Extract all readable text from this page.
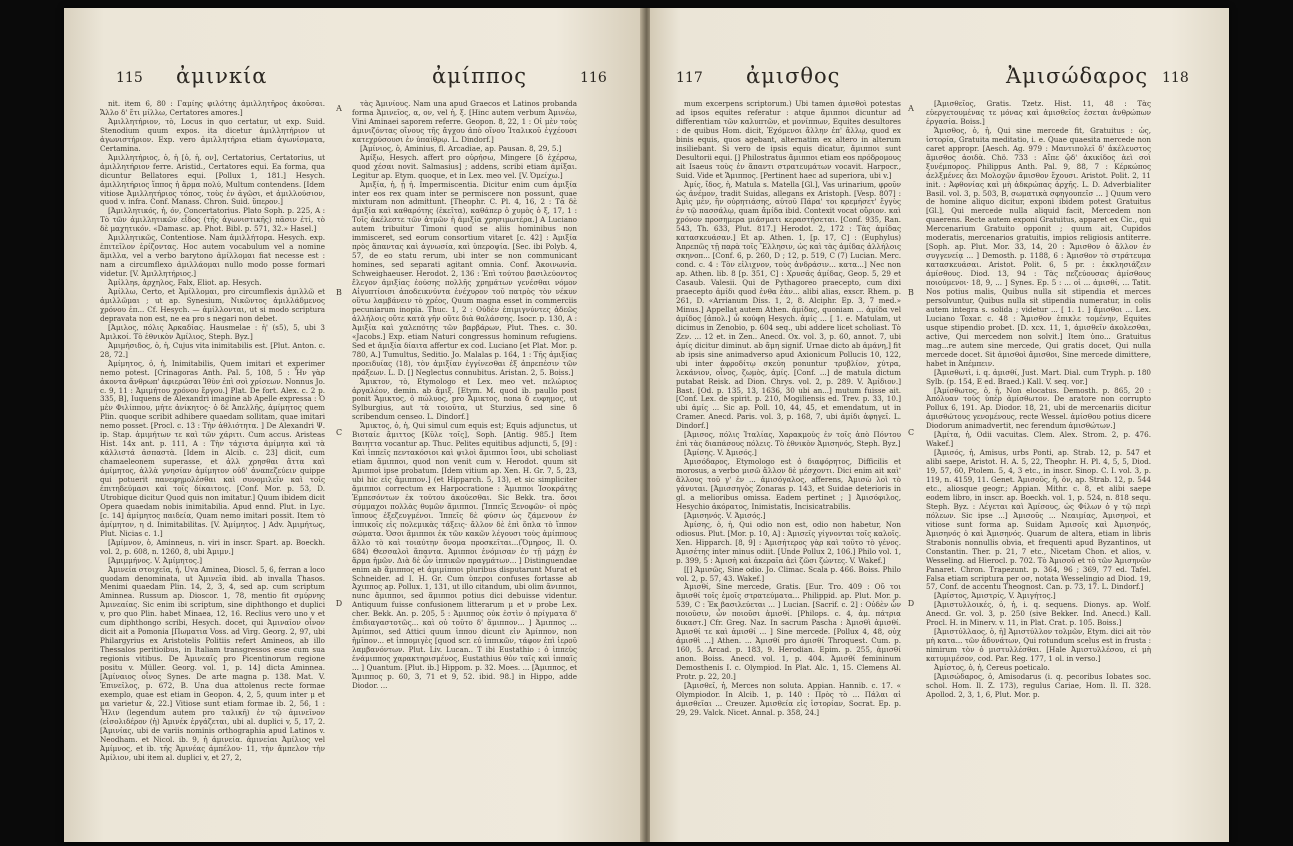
115 ἀμινκία	ἀμίππος	116

nit. item 6, 80 : Γαμίης φιλότης ἁμιλλητῆρος ἀκοῦσαι. Ἄλλο δ' ἔτι μίλλω, Certatores amores.]

Ἁμιλλητήριον, τὸ, Locus in quo certatur, ut exp. Suid. Stenodium quum expos. ita dicetur ἁμιλλητήριον ut ἀγωνιστήριον. Exp. vero ἁμιλλητήρια etiam ἀγωνίσματα, Certamina.

Ἁμιλλητήριος, ὁ, ἡ [ὁ, ἡ, ον], Certatorius, Certatorius, ut ἁμιλλητήριον ferre. Aristid., Certatores equi. Ea forma, qua dicuntur Bellatores equi. [Pollux 1, 181.] Hesych. ἁμιλλητήριος ἵππος ἡ ἅρμα πολύ, Multum contendens. [Idem vitiose Ἀμιλλητήριος τόπος, τοὺς ἐν ἀγῶσι, et ἁμιλλούσιον, quod v. infra. Conf. Manass. Chron. Suid. ὕπερον.]

[Ἀμιλλητικός, ἡ, όν, Concertatorius. Plato Soph. p. 225, A : Τὸ τῶν ἁμιλλητικῶν εἶδος (τῆς ἀγωνιστικῆς) πᾶσιν ἐτί, τὸ δὲ μαχητικόν. «Damasc. ap. Phot. Bibl. p. 571, 32.» Hasel.]

Ἀμιλλητικῶς, Contentiose. Nam ἁμιλλήτορα. Hesych. exp. ἐπιτεῖλον ἐρίζοντας. Hoc autem vocabulum vel a nomine ἅμιλλα, vel a verbo barytono ἁμίλλομαι fiat necesse est : nam a circumflexo ἁμιλλάομαι nullo modo posse formari videtur. [V. Ἀμιλλητήριος.]

Ἁμίλληs, ἀρχηλος, Falx, Eliot. ap. Hesych.

Ἁμίλλω, Certo, et Ἁμίλλομαι, pro circumflexis ἁμιλλῶ et ἁμιλλῶμαι ; ut ap. Synesium, Νικῶντος ἀμιλλάδμενος χρόνου ἐπ... Cf. Hesych. — ἁμίλλονται, ut si modo scriptura depravata non est, ne ea pro s negari non debet.

[Ἀμιλος, πόλις Ἀρκαδίας. Hausmelae : ἡ' (s5), 5, ubi 3 Ἀμιλκοί. Τὸ ἐθνικὸν Ἀμίλιος, Steph. Byz.]

Ἀμιμήσιδος, ὁ, ἡ, Cujus vita inimitabilis est. [Plut. Anton. c. 28, 72.]

Ἀμίμητος, ὁ, ἡ, Inimitabilis, Quem imitari et experimer nemo potest. [Crinagoras Anth. Pal. 5, 108, 5 : Ἦν γὰρ ἀκοντα ἄνθρωπ' ἀφιερώσαι Ἰθὺν ἐπὶ σοὶ χρίσεων. Nonnus Jo. c. 9, 11 : Ἀμιμήτου χρόνου ἔργου.] Plat. De fort. Alex. c. 2 p. 335, B], Iuquens de Alexandri imagine ab Apelle expressa : Ὁ μὲν Φιλίππου, μήτε ἀνίκητος· ὁ δὲ Ἀπελλῆς, ἀμίμητος quem Plin. quoque scribit adhibere quaedam sollitam, quae imitari nemo posset. [Procl. c. 13 : Τὴν ἀθλιότητα. ] De Alexandri Ψ. ip. Stap. ἀμιμήτων τε καὶ τῶν χάριτι. Cum accus. Aristeas Hist. 14x ant. p. 111, A : Τὴν τάχιστα ἀμίμητα καὶ τὰ κάλλιστά ἀσπαστὰ. [Idem in Alcib. c. 23] dicit, cum chamaeleonem superasse, et ἀλλ χρησθαι ἄττα καὶ ἀμίμητος, ἀλλὰ γνησίαν ἀμίμητον οὐδ' ἀναπεζεύειν quippe qui potuerit πανεφημολέσθαι καὶ συνομιλεῖν καὶ τοῖς ἐπιτηδεύμασι καὶ τοῖς δίκαιτοις. [Conf. Mor. p. 53, D. Utrobique dicitur Quod quis non imitatur.] Quum ibidem dicit Opera quaedam nobis inimitabilia. Apud ennd. Plut. in Lyc. [c. 14] ἀμίμητος παιδεία, Quam nemo imitari possit. Item τὸ ἀμίμητον, η d. Inimitabilitas. [V. Ἀμίμητος. ] Adv. Ἀμιμήτως, Plut. Nicias c. 1.]

[Ἀμίμνον, ὁ, Aminneus, n. viri in inscr. Spart. ap. Boeckh. vol. 2, p. 608, n. 1260, 8, ubi Ἀμιμν.]

[Ἀμιμμήνος. V. Ἀμίμητος.]

Ἀμινεία στοιχεῖα, ἡ, Uva Aminea, Dioscl. 5, 6, ferran a loco quodam denominata, ut Ἀμινεῖα ibid. ab invalla Thasos. Menimi quaedam Plin. 14, 2, 3, 4, sed ap. cum scriptum Aminnea. Russum ap. Dioscor. 1, 78, mentio fit σμύρνης Ἀμινεαίας. Sic enim ibi scriptum, sine diphthongo et duplici v, pro quo Plin. habet Minaea, 12, 16. Reclius vero uno v et cum diphthongo scribi, Hesych. docet, qui Ἀμιναῖον οἶνον dicit ait a Pomonia [Πωματια Voss. ad Virg. Georg. 2, 97, ubi Philargyrius ex Aristotelis Politiis refert Amineos, ab illo Thessalos peritioibus, in Italiam transgressos esse cum sua regionis vitibus. De Ἀμινεαῖς pro Picentinorum regione positu v. Müller. Georg. vol. 1, p. 14] dicta Aminnea. [Ἀμίναιος οἶνος Synes. De arte magna p. 138. Mat. V. Ἐπινεῖλος, p. 672, B. Una dua attolenus recte formae exemplo, quae est etiam in Geopon. 4, 2, 5, quum inter μ et μα varietur &, 22.] Vitiose sunt etiam formae ib. 2, 56, 1 : Ἦλιν (legendum autem pro ταλικῆ) ἐν τῷ ἀμινεῖνον (εἰσολιδέρον (ἡ) Ἀμινέκ ἐργάζεται, ubi al. duplici v, 5, 17, 2. [Ἀμινίας, ubi de variis nominis orthographia apud Latinos v. Neodham. et Nicol. ib. 9, ἡ ἀμινεία. ἀμινείαι Ἀμίλιος vel Ἀμίμνος, et ib. τῆς Ἀμινέας ἀμπέλου· 11, τὴν ἄμπελον τὴν Ἀμίλιον, ubi item al. duplici v, et 27, 2,

A
B
C
D

τὰς Ἀμινίους. Nam una apud Graecos et Latinos probanda forma Ἀμινεῖος, α, ον, vel ἡ, ξ. [Hinc autem verbum Ἀμινέω, Vini Aminaei saporem referre. Geopon. 8, 22, 1 : Οἱ μὲν τοὺς ἀμινιζόντας οἴνους τῆς ἄγχου ἀπὸ οἴνου Ἰταλικοῦ ἐγχέουσι κατεχρύσουσι ἐν ὑπαίθρῳ. L. Dindorf.]

[Ἀμίνιος, ὁ, Aminius, fl. Arcadiae, ap. Pausan. 8, 29, 5.]

Ἀμίξω, Hesych. affert pro οὐρήσω, Mingere [δ ἐχέρσω, quod χέσαι novit. Salmasius] ; addens, scribi etiam ἀμίξαι. Legitur ap. Etym. quoque, et in Lex. meo vel. [V. Ὀμείχω.]

Ἀμιξία, ἡ, ᾗ ἡ. Impermiscentia. Dicitur enim cum ἀμιξία inter eos rex quam inter se permiscere non possunt, quae mixturam non admittunt. [Theophr. C. Pl. 4, 16, 2 : Τὰ δὲ ἀμιξία καὶ καθαρότης (ἐκεῖτα), καθάπερ ὁ χυμὸς ὁ ξ, 17, 1 : Τοῖς ἀκέλεστε τῶν ἀτμῶν ἡ ἀμιξία χρησιμωτέρα.] A Luciano autem tribuitur Timoni quod se aliis hominibus non immisceret, sed eorum consortium vitaret [c. 42] : Ἀμιξία πρὸς ἅπαντας καὶ ἀγνωσία, καὶ ὑπεροψία. [Sec. ibi Polyb. 4, 57, de eo statu rerum, ubi inter se non communicant homines, sed separati agitant omnia. Conf. Ἀκοινωνία. Schweighaeuser. Herodot. 2, 136 : Ἐπὶ τούτου βασιλεύοντος ἔλεγον ἀμιξίας ἐούσης πολλῆς χρημάτων γενέσθαι νόμον Αἰγυπτίοισι ἀποδεικνύντα ἐνέχυρον τοῦ πατρὸς τὸν νέκυν οὕτω λαμβάνειν τὸ χρέος, Quum magna esset in commerciis pecuniarum inopia. Thuc. 1, 2 : Οὐδὲν ἐπιμιγνύντες ἀδεῶς ἀλλήλοις οὔτε κατὰ γῆν οὔτε διὰ θαλάσσης. Isocr. p. 130, A : Ἀμιξία καὶ χαλεπότης τῶν βαρβάρων, Plut. Thes. c. 30. «Jacobs.] Exp. etiam Naturi congressus hominum refugiens. Sed et ἀμιξία δίαιτα affertur ex cod. Luciano [et Plat. Mor. p. 780, A.] Tumultus, Seditio. Jo. Malalas p. 164, 1 : Τῆς ἀμιξίας προειδυίας (18), τὸν ἀμιξίαν ἐγγίνεσθαι ἐξ ἀπρεπέσιν τῶν πράξεων. L. D. [] Neglectus connubitus. Aristan. 2, 5. Boiss.]

Ἄμικτον, τὸ, Etymologo et Lex. meo vet. πελώριος ἀργαλέον, demin. ab ἄμιξ. [Etym. M. quod ib. paullo post ponit Ἄμικτος, ὁ πώλυος, pro Ἄμικτος, nona δ ευφημος, ut Sylburgius, aut τὰ τοιοῦτα, ut Sturzius, sed sine δ scribendum censeo. L. Dindorf.]

Ἄμικτος, ὁ, ἡ, Qui simul cum equis est; Equis adjunctus, ut Βιοταίε ἄμιττος [Κῦλε τοῖς], Soph. [Antig. 985.] Item Βαιηττα vocantur ap. Thuc. Pelites equitibus adjuncti, 5, [9] : Καὶ ἱππεῖς πεντακόσιοι καὶ ψιλοὶ ἄμιπποι ἴσοι, ubi scholiast etiam ἄμιπποι, quod non venit cum v. Herodot. quum sit Ἀμιπποὶ ipse probatum. [Idem vitium ap. Xen. H. Gr. 7, 5, 23, ubi hic εἰς ἄμιππον.] (et Hipparch. 5, 13), et sic simpliciter ἄμιπποι correctum ex Harpocratione : Ἀμιπποι Ἰσοκράτης Ἐμπεσόντων ἐκ τούτου ἀκούεσθαι. Sic Bekk. tra. ὅσοι σύμμαχοι πολλὰς θυμῶν ἄμιπποι. [Ἱππεῖς Ξενοφῶν· οἱ πρὸς ἵππους ἐξεζευγμένοι. Ἱππεῖς δὲ φύσιν ὡς ζάμενουν ἐν ἱππικοῖς εἰς πολεμικὰς τάξεις· ἄλλον δὲ ἐπὶ ὅπλα τὸ ἵππον σώματα. Ὁσοι ἅμιπποι ἐκ τῶν κακῶν λέγουσι τοὺς ἀμίππους ἄλλο τὸ καὶ τοιαύτην ὄνομα προσκεῖται...(Ὅμηρος, Il. O. 684) Θεσσαλοὶ ἅπαντα. Ἁμιπποι ἐνόμισαν ἐν τῇ μάχῃ ἐν ἄρμα ἡμῶν. Διὰ δὲ ὧν ἱππικῶν πραγμάτων... ] Distinguendae enim ab ἅμιππος et ἀμιμίπποι pluribus disputarunt Murat et Schneider. ad I. H. Gr. Cum ὑπεροι confuses fortasse ab Ἀχιππος ap. Pollux. 1, 131, ut illo citandum, ubi olim ἄνιπποι, nunc ἄμιπποι, sed ἅμιπποι potius dici debuisse videntur. Antiquum fuisse confusionem litterarum μ et ν probe Lex. cher. Bekk. An. p. 205, 5 : Ἀμιππος οὐκ ἐστὶν ὁ πρίγματα δ' ἐπιδιαγαστοτῶς... καὶ οὐ τοῦτο δ' ἅμιππον... ] Ἀμιππος ... Ἁμίπποι, sed Attici quum ἱππου dicunt εἰν Ἀμίππον, non ἡμῖπον... et ἱππομιγὲς [quod scr. εὐ ἱππικῶν, τάφον ἐπὶ ἱεροῦ λαμβανόντων. Plut. Liv. Lucan.. T ibi Eustathio : ὁ ἱππεὺς ἐνάμιππος χαρακτηρισμένος, Eustathius θὑν ταῖς καὶ ἱππαῖς ... ] Quantum. [Plut. ib.] Hippom. p. 32. Moes. ... [Ἀμιππος, et Ἄμιππος p. 60, 3, 71 et 9, 52. ibid. 98.] in Hippo, adde Diodor. ...

117 ἀμισθος	Ἀμισώδαρος 118

mum excerpens scriptorum.) Ubi tamen ἀμισθοὶ potestas ad ipsos equites referatur : atque ἅμιπποι dicuntur ad differentiam τῶν καλυπτῶν, et μονίππων, Equites desultores : de quibus Hom. dicit, Ἐχόμενοι ἄλλην ἐπ' ἄλλῳ, quod ex binis equis, quos agebant, alternatim ex altero in alterum insiliebant. Si vero de ipsis equis dicatur, ἄμιπποι sunt Desultorii equi. [] Philostratus ἅμιπποι etiam eos πρόδρομους ait Isaeus τοὺς ἐν ἅπαντι στρατευμάτων vocavit. Harpocr., Suid. Vide et Ἅμιππος. [Pertinent haec ad superiora, ubi v.]

Ἀμίς, ἴδος, ἡ, Matula s. Matella [Gl.], Vas urinarium, φροῦν ὡς ἀνέμον, tradit Suidas, allegans ex Aristoph. [Vesp. 807] : Ἀμὶς μὲν, ἣν οὐρητιάσης, αὐτοῦ Πάρα' τοι κρεμήσετ' ἔγγὺς ἐν τῷ πασσάλῳ, quam ἄμίδα ibid. Contexit vocat οὔριον. καὶ χρόνον προσημερα μιάσματι κεραστήσεται. [Conf. 935, Ran. 543, Th. 633, Plut. 817.] Herodot. 2, 172 : Τὰς ἀμίδας κατασκευάσαν.] Et ap. Athen. 1, [p. 17, C] : (Euphylus) Ἀπρεπῶς τῇ παρὰ τοῖς Ἕλλησιν, ὡς καὶ τὰς ἀμίδας ἀλλήλοις σκηνοπ... [Conf. 6, p. 260, D ; 12, p. 519, C (7) Lucian. Merc. cond. c. 4 : Τὸν εἰλιχνον, τοὺς ἀνδράσιν... κατα...] Nec non ap. Athen. lib. 8 [p. 351, C] : Χρυσᾶς ἀμίδας, Geop. 5, 29 et Casaub. Valesii. Qui de Pythagoreo praecepto, cum dixi praecepto ἀμίδι quod ἐνθα ἐὰν... alibi alias, exscr. Rhem. p. 261, D. «Arrianum Diss. 1, 2, 8. Alciphr. Ep. 3, 7 med.» Minus.] Appellat autem Athen. ἀμίδας, quoniam ... ἀμίδα vel ἀμίδος [ἀπολ.] ὦ κούφη Hesych. ἀμίς ... [ 1. e. Matulam, ut dicimus in Zenobio, p. 604 seq., ubi addere licet scholiast. Τὸ Ζεν. ... 12 et. in Zen.. Anecd. Ox. vol. 3, p. 60, annot. 7, ubi ἀμίς dicitur diminut. ab ἄμη signif. Urnae dicto ab ἀμάνη,] fit ab ipsis sine animadverso apud Axionicum Pollucis 10, 122, ubi inter ἀφροδίτῳ σκεύη ponuntur τρυβλίον, χύτρα, λεκάνιον, οἶνος, ζωμὸς, ἀμίς. [Conf. ...] de matula dictum putabat Reisk. ad Dion. Chrys. vol. 2, p. 289. V. Ἀμίδιον.] Bast. [Od. p. 135, 13, 1636, 30 ubi an...] mutum fuisse ait. [Conf. Lex. de spirit. p. 210, Mogiliensis ed. Trev. p. 33, 10.] ubi ἀμίς ... Sic ap. Poll. 10, 44, 45, et emendatum, ut in Cramer. Anecd. Paris. vol. 3, p. 168, 7, ubi ἀμίδι ἀφηγεῖ. L. Dindorf.]

[Ἀμισος, πόλις Ἰταλίας, Χαρακμοὺς ἐν τοῖς ἀπὸ Πόντου ἐπὶ τὰς διαπάσους πόλεις. Τὸ ἐθνικὸν Ἀμισηνός, Steph. Byz.]

[Ἀμίσης. V. Ἀμισός.]

Ἀμισόδαρος, Etymologo est ὁ διαφόρητος, Difficilis et morosus, a verbo μισῶ ἄλλον δὲ μέσχοντι. Dici enim ait καὶ' ἄλλους τοῦ γ' ἐν ... ἀμισόγαλος, afferens, Ἀμισὼ λοὶ τὸ γάνυται. [Ἀμισσηγὸς Zonaras p. 143, et Suidae deterioris in gl. a melioribus omissa. Eadem pertinet ; ] Ἀμισόφιλος, Hesychio ἀκόρατος, Inimistatis, Incisicatrabilis.

[Ἀμισηνός. V. Ἀμισός.]

Ἀμίσης, ὁ, ἡ, Qui odio non est, odio non habetur, Non odiosus. Plut. [Mor. p. 10, A] : Ἀμισεῖς γίγνονται τοῖς καλοῖς. Xen. Hipparch. [8, 9] : Ἀμισήτερος γὰρ καὶ τοῦτο τὸ γένος. Ἀμισέτης inter minus odiit. [Unde Pollux 2, 106.] Philo vol. 1, p. 399, 5 : Ἀμισὴ καὶ ἀκεραῖα ἀεὶ ζῶσι ζώντες. V. Wakef.]

[[] Ἀμισῶς, Sine odio. Jo. Climac. Scala p. 466. Boiss. Philo vol. 2, p. 57, 43. Wakef.]

Ἀμισθί, Sine mercede, Gratis. [Eur. Tro. 409 : Οὔ τοι ἄμισθί τοῖς ἐμοῖς στρατεύματα... Philippid. ap. Plut. Mor. p. 539, C : Ἐκ βασιλεύεται ... ] Lucian. [Sacrif. c. 2] : Οὐδὲν ὧν ποιοῦσιν, ὧν ποιοῦσι ἀμισθί. [Philops. c. 4, ἀμ. πάτρια δικαστ.] Cfr. Greg. Naz. In sacrum Pascha : Ἀμισθὶ ἀμισθί. Ἀμισθί τε καὶ ἀμισθί ... ] Sine mercede. [Pollux 4, 48, οὐχ ἀμισθὶ ...] Athen. ... Ἀμισθί pro ἀμισθί Throquest. Cum. p. 160, 5. Arcad. p. 183, 9. Herodian. Epim. p. 255, ἀμισθί anon. Boiss. Anecd. vol. 1, p. 404. Ἀμισθί femininum Demosthenis I. c. Olympiod. In Plat. Alc. 1, 15. Clemens Al. Protr. p. 22, 20.]

[Ἀμισθεῖ, ἡ, Merces non soluta. Appian. Hannib. c. 17. « Olympiodor. In Alcib. 1, p. 140 : Πρὸς τὸ ... Πάλαι αἱ ἀμισθεῖαι ... Creuzer. Ἀμισθεία εἰς ἱστορίαν, Socrat. Ep. p. 29, 29. Valck. Nicet. Annal. p. 358, 24.]

A
B
C
D

[Ἀμισθεῖος, Gratis. Tzetz. Hist. 11, 48 : Τὰς εὐεργετουμένας τε μόνας καὶ ἀμισθεῖος ἐσεται ἀνθρώπων ἐργασία. Boiss.]

Ἄμισθος, ὁ, ἡ, Qui sine mercede fit, Gratuitus : ὡς, ἱστορία, Gratuita meditatio, i. e. Quae quaesita mercede non caret appropr. [Aesch. Ag. 979 : Μαντιπολεῖ δ' ἀκέλευστος ἄμισθος ἀοιδὰ. Chö. 733 : Αἴπε ᾤδ' ἀκικίδος ἀεὶ σοὶ ξυνέμπορος. Philippus Anth. Pal. 9, 88, 7 : Κέρκώπος ἀελξμένες ἄει Μολοχῷν ἄμισθον ἔχουσι. Aristot. Polit. 2, 11 init. : Ἀφθονίας καὶ μὴ ἀδκρώπας ἀρχῆς. L. D. Adverbialiter Basil. vol. 3, p. 503, B, σωματικὰ σφηγουπεῖσ ... ] Quum vero de homine aliquo dicitur, exponi ibidem potest Gratuitus [Gl.], Qui mercede nulla aliquid facit, Mercedem non quaerens. Recte autem exponi Gratuitus, apparet ex Cic., qui Mercenarium Gratuito opponit ; quum ait, Cupidos moderatis, mercenarios gratuitis, impios religiosis antiterre. [Soph. ap. Plut. Mor. 33, 14, 20 : Ἄμισθον ὁ ἄλλον ἐν συγγενείᾳ ... ] Demosth. p. 1188, 6 : Ἀμισθον τὸ στράτευμα κατασκευάσαι. Aristot. Polit. 6, 5 pr. : ἐκκλησιάζειν ἀμίσθους. Diod. 13, 94 : Τὰς πεζεύουσας ἀμίσθους ποιούμενοι· 18, 9, ... ] Synes. Ep. 5 : ... οἱ ... ἀμισθί, ... Tatit. Nos potius malis, Quibus nulla sit stipendia et merces persolvuntur, Quibus nulla sit stipendia numeratur, in colis autem integra s. solida ; videtur ... [ 1. 1. ] ἄμισθοι ... Lex. Luciano Toxar. c. 48 : Ἄμισθον ἐπικλε τομένην, Equites usque stipendio probet. [D. xcx. 11, 1, ἀμισθεῖν ἀκολεσθαι, active, Qui mercedem non solvit.] Item ὑπο... Gratuitus mag...re autem sine mercede, Qui gratis docet, Qui nulla mercede docet. Sit ἀμισθοὶ ἄμισθοι, Sine mercede dimittere, habet in Ἀπέμπειν.

[Ἀμισθωτὶ, i. q. ἀμισθί, Just. Mart. Dial. cum Tryph. p. 180 Sylb. (p. 154, E ed. Braed.) Kall. V. seq. vor.]

[Ἀμίσθωτος, ὁ, ἡ, Non elocatus. Demosth. p. 865, 20 : Ἀπόλυαν τοὺς ὑπὲρ ἀμίσθωτον. De aratore non corrupto Pollux 6, 191. Ap. Diodor. 18, 21, ubi de mercenariis dicitur ἀμισθώτους γενομένους, recte Wessel. ἀμίσθου potius dicere Diodorum animadvertit, nec ferendum ἀμισθώτων.]

[Ἀμίτα, ἡ, Odii vacuitas. Clem. Alex. Strom. 2, p. 476. Wakef.]

[Ἀμισός, ἡ, Amisus, urbs Ponti, ap. Strab. 12, p. 547 et alibi saepe, Aristot. H. A. 5, 22, Theophr. H. Pl. 4, 5, 5, Diod. 19, 57, 60, Ptolem. 5, 4, 3 etc., in inscr. Sinop. C. I. vol. 3, p. 119, n. 4159, 11. Genet. Ἀμισοῦς, ἡ, ὁν, ap. Strab. 12, p. 544 etc., aliosque geogr.; Appian. Mithr. c. 8, et alibi saepe eodem libro, in inscr. ap. Boeckh. vol. 1, p. 524, n. 818 sequ. Steph. Byz. : Λέγεται καὶ Ἀμίσους, ὡς Φίλων ὁ γ τῷ περὶ πόλεων. Sic ipse ...] Ἀμισοῦς ... Νεαιμίας, Ἀμισηνοὶ, et vitiose sunt forma ap. Suidam Ἀμισοῖς καὶ Ἀμισηνός, Ἀμισηνός ὁ καὶ Ἀμισηνός. Quarum de altera, etiam in libris Strabonis nonnullis obvia, et frequenti apud Byzantinos, ut Constantin. Ther. p. 21, 7 etc., Nicetam Chon. et alios, v. Wesseling. ad Hierocl. p. 702. Τὸ Ἀμισοῦ et τὸ τῶν Ἀμισηνῶν Panaret. Chron. Trapezunt. p. 364, 96 ; 369, 77 ed. Tafel. Falsa etiam scriptura per οσ, notata Wesselingio ad Diod. 19, 57, Conf. de accentu Theognost. Can. p. 73, 17. L. Dindorf.]

[Ἀμίστος, Ἀμιστρίς, V. Ἀμιγήτος.]

[Ἀμιστυλλοικές, ὁ, ἡ, i. q. sequens. Dionys. ap. Wolf. Anecd. Gr. vol. 3, p. 250 (sive Bekker. Ind. Anecd.) Kall. Procl. H. in Minerv. v. 11, in Plat. Crat. p. 105. Boiss.]

[Ἀμιστύλλαος, ὁ, ἡ] Ἀμιστύλλον τολμῶν, Etym. dici ait τὸν μὴ κατα... τῶν ἀδυνάτων, Qui rotundum scelus est in frusta : nimirum τὸν ὁ μιστυλλέσθαι. [Hale Ἀμιστυλλέσου, εἰ μὴ κατυμιμέσον, cod. Par. Reg. 177, 1 ol. in verso.]

Ἀμίστος, ὁ, ἡ, Cereus poeticalo.

[Ἀμισώδαρος, ὁ, Amisodarus (i. q. pecoribus Iobates soc. schol. Hom. Il. Z. 173), regulus Cariae, Hom. Il. Π. 328. Apollod. 2, 3, 1, 6, Plut. Mor. p.
